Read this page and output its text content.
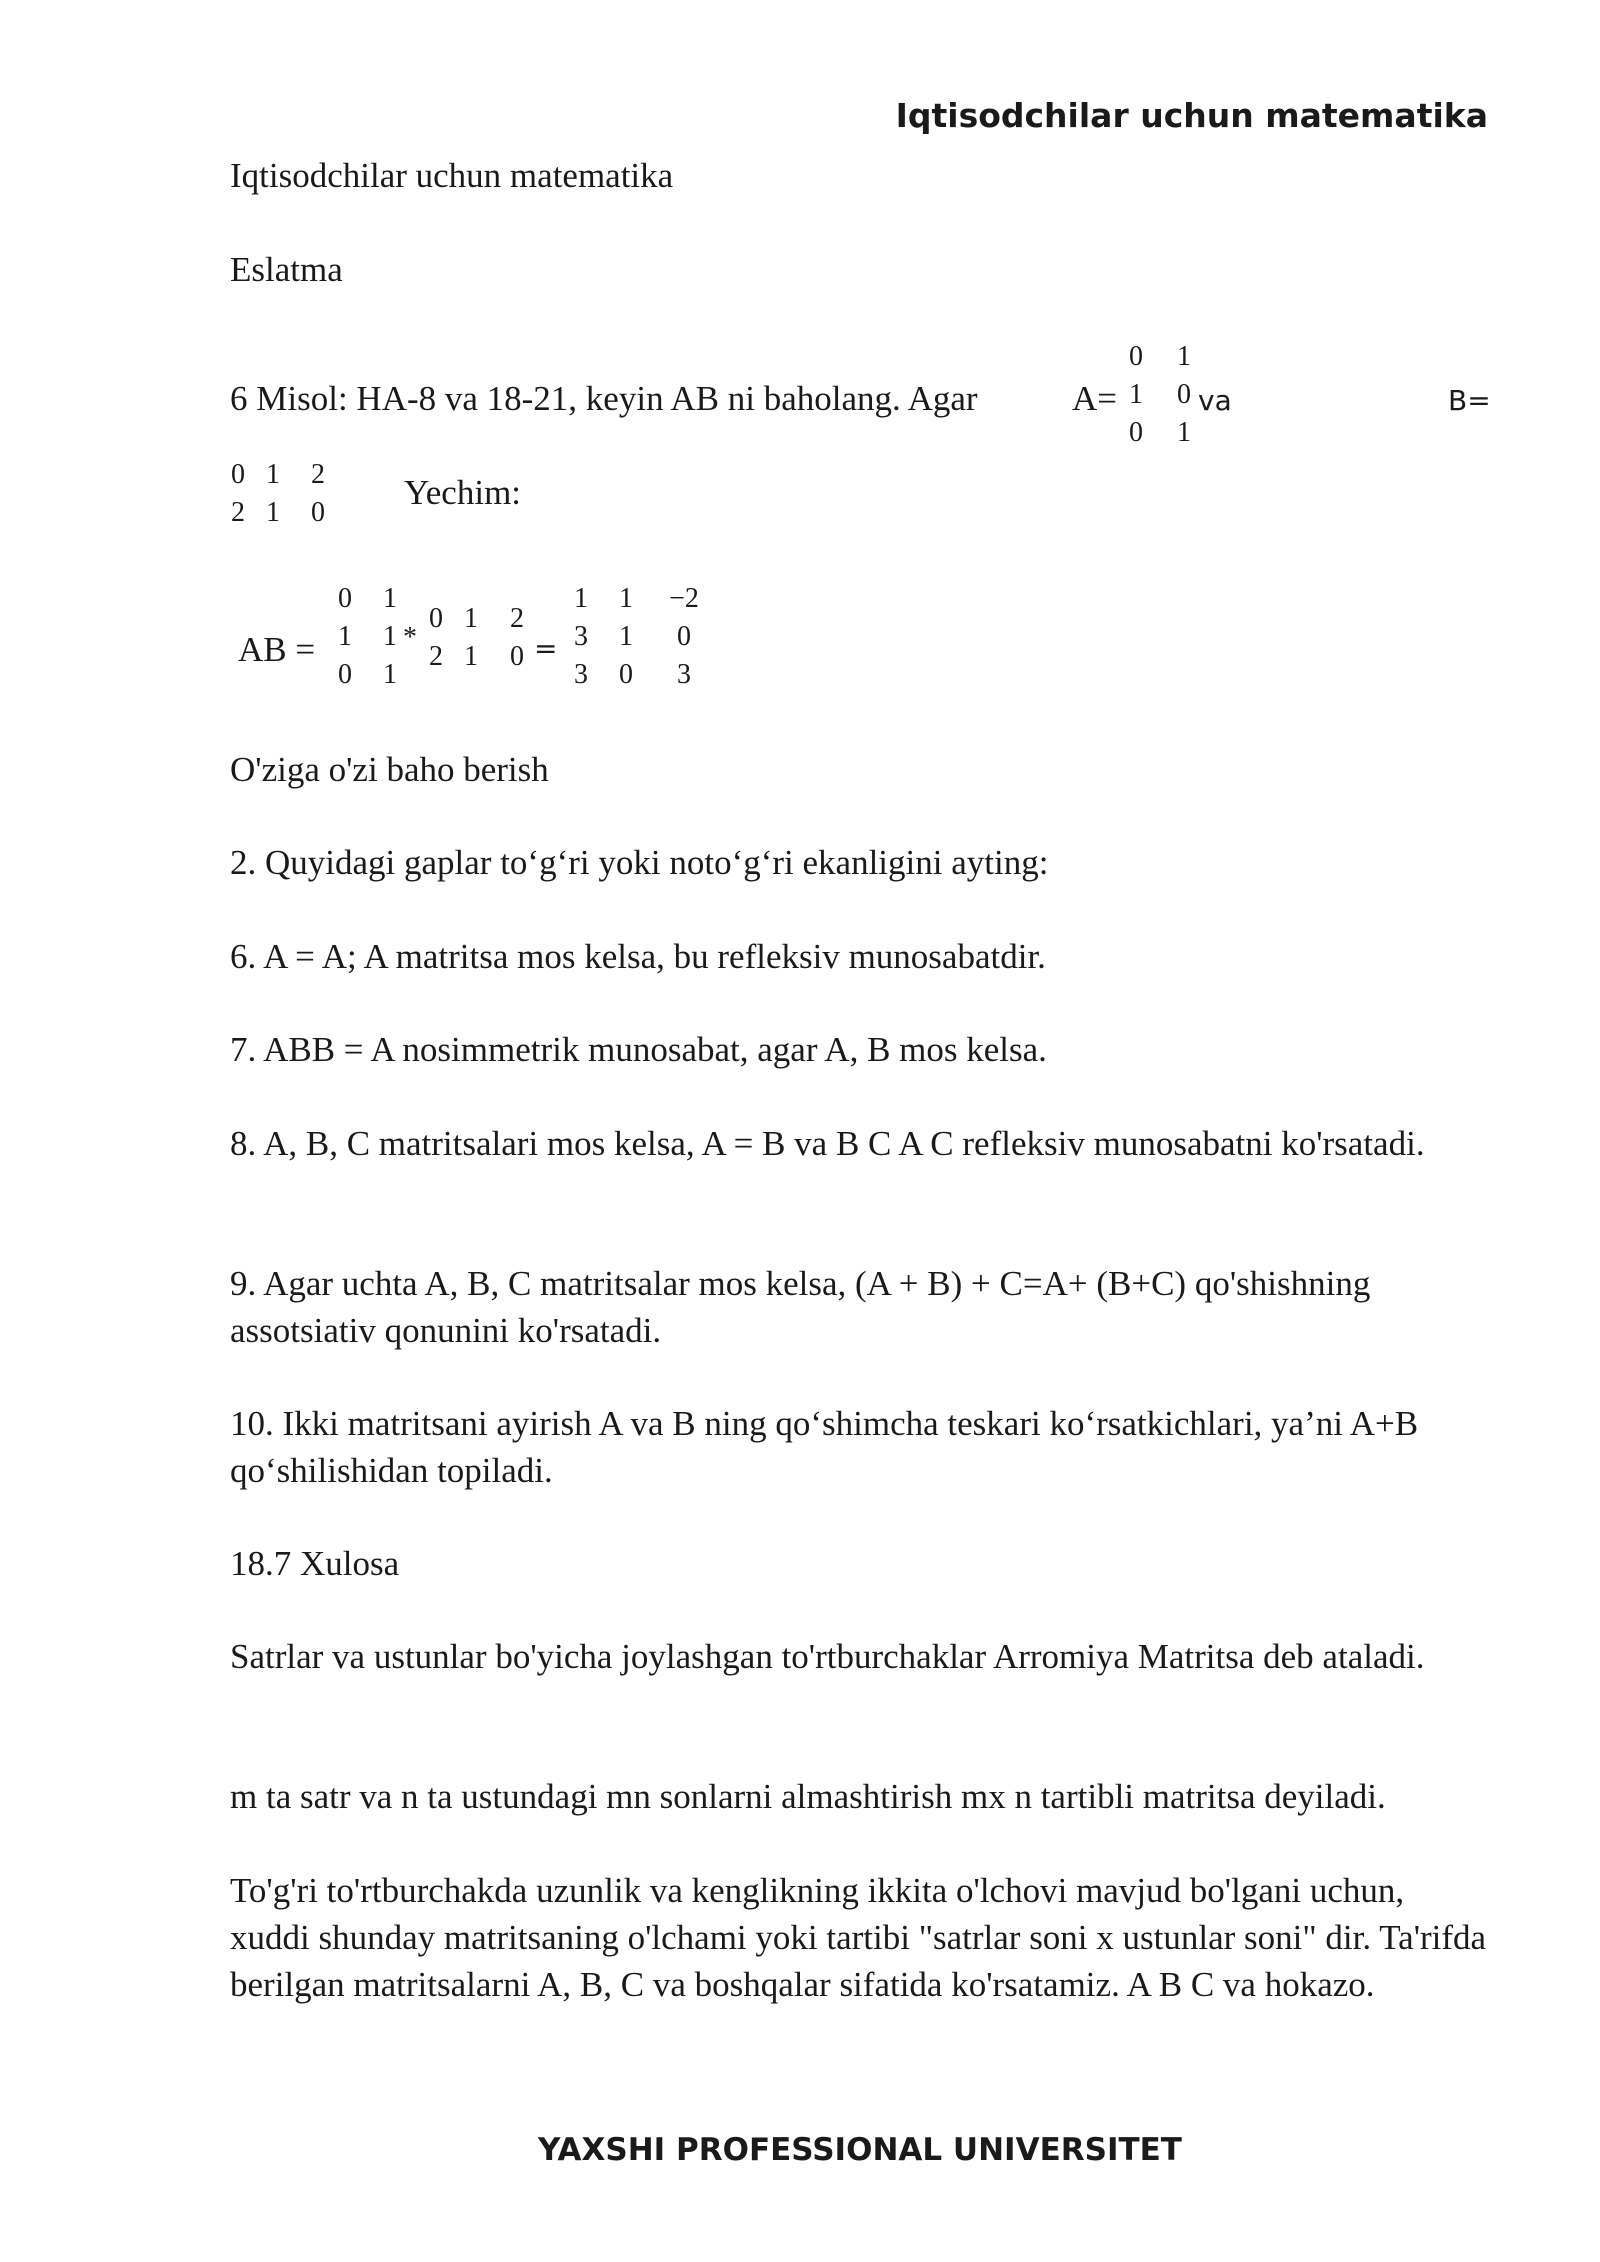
Iqtisodchilar uchun matematika
Iqtisodchilar uchun matematika
Eslatma
6 Misol: HA-8 va 18-21, keyin AB ni baholang. Agar	A=
0	1
1	0
0	1
va	B=
0 1	2
2 1	0
Yechim:
AB =
0	1
1	1
0	1
*
0 1	2
2 1	0 =
1	1	−2
3	1	0
3	0	3
O'ziga o'zi baho berish
2. Quyidagi gaplar to‘g‘ri yoki noto‘g‘ri ekanligini ayting:
6. A = A; A matritsa mos kelsa, bu refleksiv munosabatdir.
7. ABB = A nosimmetrik munosabat, agar A, B mos kelsa.
8. A, B, C matritsalari mos kelsa, A = B va B C A C refleksiv munosabatni ko'rsatadi.
9. Agar uchta A, B, C matritsalar mos kelsa, (A + B) + C=A+ (B+C) qo'shishning assotsiativ qonunini ko'rsatadi.
10. Ikki matritsani ayirish A va B ning qo‘shimcha teskari ko‘rsatkichlari, ya’ni A+B qo‘shilishidan topiladi.
18.7 Xulosa
Satrlar va ustunlar bo'yicha joylashgan to'rtburchaklar Arromiya Matritsa deb ataladi.
m ta satr va n ta ustundagi mn sonlarni almashtirish mx n tartibli matritsa deyiladi.
To'g'ri to'rtburchakda uzunlik va kenglikning ikkita o'lchovi mavjud bo'lgani uchun, xuddi shunday matritsaning o'lchami yoki tartibi "satrlar soni x ustunlar soni" dir. Ta'rifda berilgan matritsalarni A, B, C va boshqalar sifatida ko'rsatamiz. A B C va hokazo.
YAXSHI PROFESSIONAL UNIVERSITET
